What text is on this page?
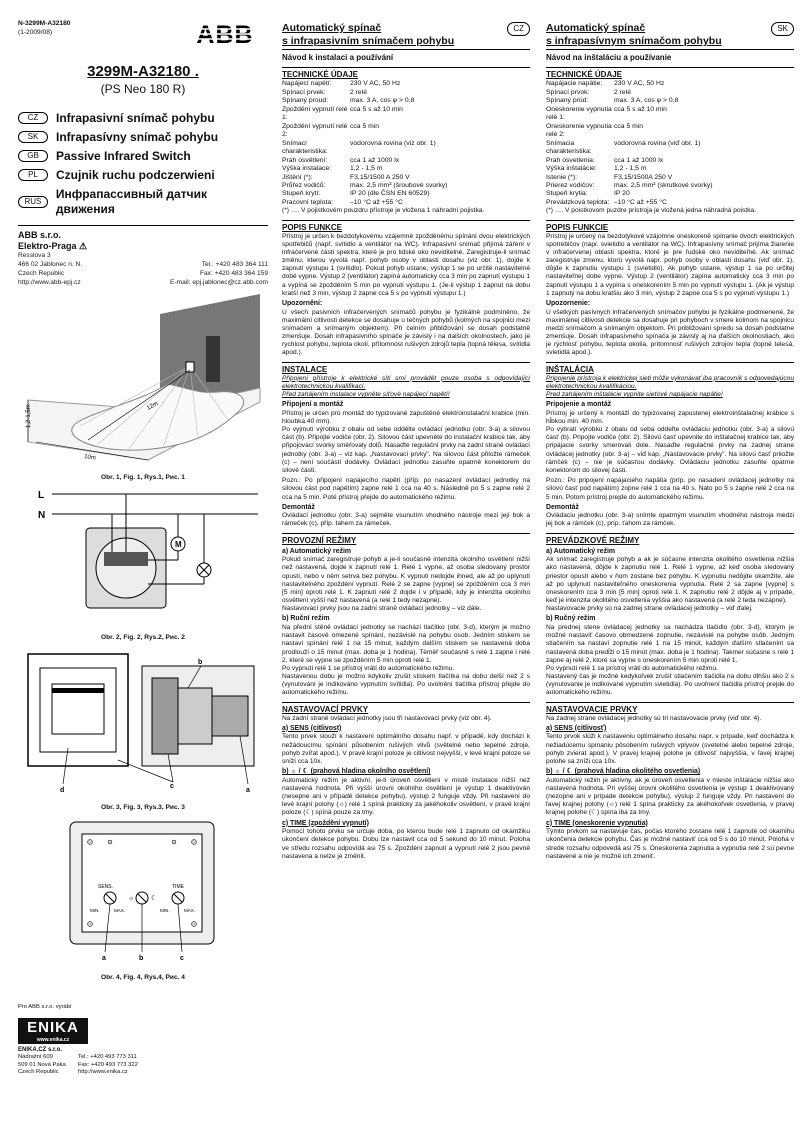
N-3299M-A32180
(1-2009/08)	ABB
3299M-A32180 .
(PS Neo 180 R)
CZ	Infrapasivní snímač pohybu
SK	Infrapasívny snímač pohybu
GB	Passive Infrared Switch
PL	Czujnik ruchu podczerwieni
RUS
Инфрапассивный датчик движения
ABB s.r.o.
Elektro-Praga ⚠
Resslova 3
466 02 Jablonec n. N.	Tel.: +420 483 364 111
Czech Republic	Fax: +420 483 364 159
http://www.abb-epj.cz	E-mail: epj.jablonec@cz.abb.com
1,2-1,5m	12m
10m
Obr. 1, Fig. 1, Rys.1, Рис. 1
L
N
M
Obr. 2, Fig. 2, Rys.2, Рис. 2
b
c
d	a
Obr. 3, Fig. 3, Rys.3, Рис. 3
SENS.	TIME
☼ ☾
MIN.	MAX.	MIN.	MAX.
a	b	c
Obr. 4, Fig. 4, Rys.4, Рис. 4
Pro ABB s.r.o. vyrábí
ENIKA
www.enika.cz
ENIKA.CZ s.r.o.
Nádražní 609	Tel.: +420 493 773 311
509 01 Nová Paka	Fax: +420 493 773 322
Czech Republic	http://www.enika.cz
Automatický spínač
s infrapasivním snímačem pohybu
CZ
Návod k instalaci a používání
TECHNICKÉ ÚDAJE
Napájecí napětí:	230 V AC, 50 Hz
Spínací prvek:	2 relé
Spínaný proud:	max. 3 A, cos φ > 0,8
Zpoždění vypnutí relé 1:
cca 5 s až 10 min
Zpoždění vypnutí relé 2:
cca 5 min
Snímací charakteristika:
vodorovná rovina (viz obr. 1)
Práh osvětlení:	cca 1 až 1000 lx
Výška instalace:	1,2 - 1,5 m
Jištění (*):	F3,15/1500 A 250 V
Průřez vodičů:	max. 2,5 mm² (šroubové svorky)
Stupeň krytí:	IP 20 (dle ČSN EN 60529)
Pracovní teplota:	–10 °C až +55 °C

(*) …. V pojistkovém pouzdru přístroje je vložena 1 náhradní pojistka.

POPIS FUNKCE

Přístroj je určen k bezdotykovému vzájemně zpožděnému spínání dvou elektrických spotřebičů (např. svítidlo a ventilátor na WC). Infrapasivní snímač přijímá záření v infračervené části spektra, které je pro lidské oko neviditelné. Zaregistruje-li snímač změnu, kterou vyvolá např. pohyb osoby v oblasti dosahu (viz obr. 1), dojde k zapnutí výstupu 1 (svítidlo). Pokud pohyb ustane, výstup 1 se po určité nastavitelné době vypne. Výstup 2 (ventilátor) zapíná automaticky cca 3 min po zapnutí výstupu 1 a vypíná se zpožděním 5 min po vypnutí výstupu 1. (Je-li výstup 1 zapnut na dobu kratší než 3 min, výstup 2 zapne cca 5 s po vypnutí výstupu 1.)

Upozornění:

U všech pasivních infračervených snímačů pohybu je fyzikálně podmíněno, že maximální citlivosti detekce se dosahuje u tečných pohybů (kolmých na spojnici mezi snímačem a snímaným objektem). Při čelním přibližování se dosah podstatně zmenšuje. Dosah infrapasivního spínače je závislý i na dalších okolnostech, jako je rychlost pohybu, teplota okolí, přítomnost rušivých zdrojů tepla (topná tělesa, svítidla apod.).

INSTALACE

Připojení přístroje k elektrické síti smí provádět pouze osoba s odpovídající elektrotechnickou kvalifikací.

Před zahájením instalace vypněte síťové napájecí napětí!

Připojení a montáž

Přístroj je určen pro montáž do typizované zapuštěné elektroinstalační krabice (min. hloubka 40 mm).

Po vyjmutí výrobku z obalu od sebe oddělte ovládací jednotku (obr. 3-a) a silovou část (b). Připojte vodiče (obr. 2). Silovou část upevněte do instalační krabice tak, aby připojovací svorky směřovaly dolů. Nasaďte regulační prvky na zadní straně ovládací jednotky (obr. 3-a) – viz kap. „Nastavovací prvky". Na silovou část přiložte rámeček (c) – není součástí dodávky. Ovládací jednotku zasuňte opatrně konektorem do silové části.

Pozn.: Po připojení napájecího napětí (příp. po nasazení ovládací jednotky na silovou část pod napětím) zapne relé 1 cca na 40 s. Následně po 5 s zapne relé 2 cca na 5 min. Poté přístroj přejde do automatického režimu.

Demontáž

Ovládací jednotku (obr. 3-a) sejměte vsunutím vhodného nástroje mezi její bok a rámeček (c), příp. tahem za rámeček.

PROVOZNÍ REŽIMY
a) Automatický režim

Pokud snímač zaregistruje pohyb a je-li současně intenzita okolního osvětlení nižší než nastavená, dojde k zapnutí relé 1. Relé 1 vypne, až osoba sledovaný prostor opustí, nebo v něm setrvá bez pohybu. K vypnutí nedojde ihned, ale až po uplynutí nastavitelného zpoždění vypnutí. Relé 2 se zapne [vypne] se zpožděním cca 3 min [5 min] oproti relé 1. K zapnutí relé 2 dojde i v případě, kdy je intenzita okolního osvětlení vyšší než nastavená (a relé 1 tedy nezapne).

Nastavovací prvky jsou na zadní straně ovládací jednotky – viz dále.

b) Ruční režim

Na přední stěně ovládací jednotky se nachází tlačítko (obr. 3-d), kterým je možno nastavit časově omezené spínání, nezávislé na pohybu osob. Jedním stiskem se nastaví spínání relé 1 na 15 minut, každým dalším stiskem se nastavená doba prodlouží o 15 minut (max. doba je 1 hodina). Téměř současně s relé 1 zapne i relé 2, které se vypne se zpožděním 5 min oproti relé 1.

Po vypnutí relé 1 se přístroj vrátí do automatického režimu.

Nastavenou dobu je možno kdykoliv zrušit stiskem tlačítka na dobu delší než 2 s (vynulování je indikováno vypnutím svítidla). Po uvolnění tlačítka přístroj přejde do automatického režimu.

NASTAVOVACÍ PRVKY

Na zadní straně ovládací jednotky jsou tři nastavovací prvky (viz obr. 4).

a) SENS (citlivost)

Tento prvek slouží k nastavení optimálního dosahu např. v případě, kdy dochází k nežádoucímu spínání působením rušivých vlivů (světelné nebo tepelné zdroje, pohyb zvířat apod.). V pravé krajní poloze je citlivost nejvyšší, v levé krajní poloze se sníží cca 10x.

b) ☼ / ☾ (prahová hladina okolního osvětlení)

Automatický režim je aktivní, je-li úroveň osvětlení v místě instalace nižší než nastavená hodnota. Při vyšší úrovni okolního osvětlení je výstup 1 deaktivován (nesepne ani v případě detekce pohybu), výstup 2 funguje vždy. Při nastavení do levé krajní polohy (☼) relé 1 spíná prakticky za jakéhokoliv osvětlení, v pravé krajní poloze (☾) spíná pouze za tmy.

c) TIME (zpoždění vypnutí)

Pomocí tohoto prvku se určuje doba, po kterou bude relé 1 zapnuto od okamžiku ukončení detekce pohybu. Dobu lze nastavit cca od 5 sekund do 10 minut. Poloha ve středu rozsahu odpovídá asi 75 s. Zpoždění zapnutí a vypnutí relé 2 jsou pevně nastavena a nelze je změnit.

Automatický spínač
s infrapasívnym snímačom pohybu
SK
Návod na inštaláciu a používanie
TECHNICKÉ ÚDAJE
Napájacie napätie:	230 V AC, 50 Hz
Spínací prvok:	2 relé
Spínaný prúd:	max. 3 A, cos φ > 0,8
Oneskorenie vypnutia relé 1:
cca 5 s až 10 min
Oneskorenie vypnutia relé 2:
cca 5 min
Snímacia charakteristika:
vodorovná rovina (viď obr. 1)
Prah osvetlenia:	cca 1 až 1000 lx
Výška inštalácie:	1,2 - 1,5 m
Istenie (*):	F3,15/1500A 250 V
Prierez vodičov:	max. 2,5 mm² (skrutkové svorky)
Stupeň krytia:	IP 20
Prevádzková teplota: –10 °C až +55 °C

(*) …. V poistkovom puzdre prístroja je vložená jedna náhradná poistka.

POPIS FUNKCIE

Prístroj je určený na bezdotykové vzájomne oneskorené spínanie dvoch elektrických spotrebičov (napr. svietidlo a ventilátor na WC). Infrapasívny snímač prijíma žiarenie v infračervenej oblasti spektra, ktoré je pre ľudské oko neviditeľné. Ak snímač zaregistruje zmenu, ktorú vyvolá napr. pohyb osoby v oblasti dosahu (viď obr. 1), dôjde k zapnutiu výstupu 1 (svietidlo). Ak pohyb ustane, výstup 1 sa po určitej nastaviteľnej dobe vypne. Výstup 2 (ventilátor) zapína automaticky cca 3 min po zapnutí výstupu 1 a vypína s oneskorením 5 min po vypnutí výstupu 1. (Ak je výstup 1 zapnutý na dobu kratšiu ako 3 min, výstup 2 zapne cca 5 s po vypnutí výstupu 1.)

Upozornenie:

U všetkých pasívnych infračervených snímačov pohybu je fyzikálne podmienené, že maximálnej citlivosti detekcie sa dosahuje pri pohyboch v smere kolmom na spojnicu medzi snímačom a snímaným objektom. Pri približovaní spredu sa dosah podstatne zmenšuje. Dosah infrapasívneho spínača je závislý aj na ďalších okolnostiach, ako je rýchlosť pohybu, teplota okolia, prítomnosť rušivých zdrojov tepla (topné telesá, svietidlá apod.).

INŠTALÁCIA

Pripojenie prístroja k elektrickej sieti môže vykonávať iba pracovník s odpovedajúcou elektrotechnickou kvalifikáciou.

Pred zahájením inštalácie vypnite sieťové napájacie napätie!

Pripojenie a montáž

Prístroj je určený k montáži do typizovanej zapustenej elektroinštalačnej krabice s hĺbkou min. 40 mm.

Po vybratí výrobku z obalu od seba oddeľte ovládaciu jednotku (obr. 3-a) a silovú časť (b). Pripojte vodiče (obr. 2). Silovú časť upevnite do inštalačnej krabice tak, aby pripájacie svorky smerovali dole. Nasaďte regulačné prvky na zadnej strane ovládacej jednotky (obr. 3-a) – viď kap. „Nastavovacie prvky". Na silovú časť priložte rámček (c) – nie je súčasťou dodávky. Ovládaciu jednotku zasuňte opatrne konektorom do silovej časti.

Pozn.: Po pripojení napájacieho napätia (príp. po nasadení ovládacej jednotky na silovú časť pod napätím) zopne relé 1 cca na 40 s. Nato po 5 s zapne relé 2 cca na 5 min. Potom prístroj prejde do automatického režimu.

Demontáž

Ovládaciu jednotku (obr. 3-a) snímte opatrným vsunutím vhodného nástroja medzi jej bok a rámček (c), príp. ťahom za rámček.

PREVÁDZKOVÉ REŽIMY
a) Automatický režim

Ak snímač zaregistruje pohyb a ak je súčasne intenzita okolitého osvetlenia nižšia ako nastavená, dôjde k zapnutiu relé 1. Relé 1 vypne, až keď osoba sledovaný priestor opustí alebo v ňom zostane bez pohybu. K vypnutiu nedôjde okamžite, ale až po uplynutí nastaviteľného oneskorenia vypnutia. Relé 2 sa zapne [vypne] s oneskorením cca 3 min [5 min] oproti relé 1. K zapnutiu relé 2 dôjde aj v prípade, keď je intenzita okolitého osvetlenia vyššia ako nastavená (a relé 2 teda nezapne).

Nastavovacie prvky sú na zadnej strane ovládacej jednotky – viď ďalej.

b) Ručný režim

Na prednej stene ovládacej jednotky sa nachádza tlačidlo (obr. 3-d), ktorým je možné nastaviť časovo obmedzené zopnutie, nezávislé na pohybe osôb. Jedným stlačením sa nastaví zopnutie relé 1 na 15 minút, každým ďalším stlačením sa nastavená doba predĺži o 15 minút (max. doba je 1 hodina). Takmer súčasne s relé 1 zapne aj relé 2, ktoré sa vypne s oneskorením 5 min oproti relé 1.

Po vypnutí relé 1 sa prístroj vráti do automatického režimu.

Nastavený čas je možné kedykoľvek zrušiť stlačením tlačidla na dobu dlhšiu ako 2 s (vynulovanie je indikované vypnutím svietidla). Po uvoľnení tlačidla prístroj prejde do automatického režimu.

NASTAVOVACIE PRVKY

Na zadnej strane ovládacej jednotky sú tri nastavovacie prvky (viď obr. 4).

a) SENS (citlivosť)

Tento prvok slúži k nastaveniu optimálneho dosahu napr. v prípade, keď dochádza k nežiadúcemu spínaniu pôsobením rušivých vplyvov (svetelné alebo tepelné zdroje, pohyb zvierat apod.). V pravej krajnej polohe je citlivosť najvyššia, v ľavej krajnej polohe sa zníži cca 10x.

b) ☼ / ☾ (prahová hladina okolitého osvetlenia)

Automatický režim je aktívny, ak je úroveň osvetlenia v mieste inštalácie nižšia ako nastavená hodnota. Pri vyššej úrovni okolitého osvetlenia je výstup 1 deaktivovaný (nezopne ani v prípade detekcie pohybu), výstup 2 funguje vždy. Pri nastavení do ľavej krajnej polohy (☼) relé 1 spína prakticky za akéhokoľvek osvetlenia, v pravej krajnej polohe (☾) spína iba za tmy.

c) TIME (oneskorenie vypnutia)

Týmto prvkom sa nastavuje čas, počas ktorého zostane relé 1 zapnuté od okamihu ukončenia detekcie pohybu. Čas je možné nastaviť cca od 5 s do 10 minút. Poloha v strede rozsahu odpovedá asi 75 s. Oneskorenia zapnutia a vypnutia relé 2 sú pevne nastavené a nie je možné ich zmeniť.
